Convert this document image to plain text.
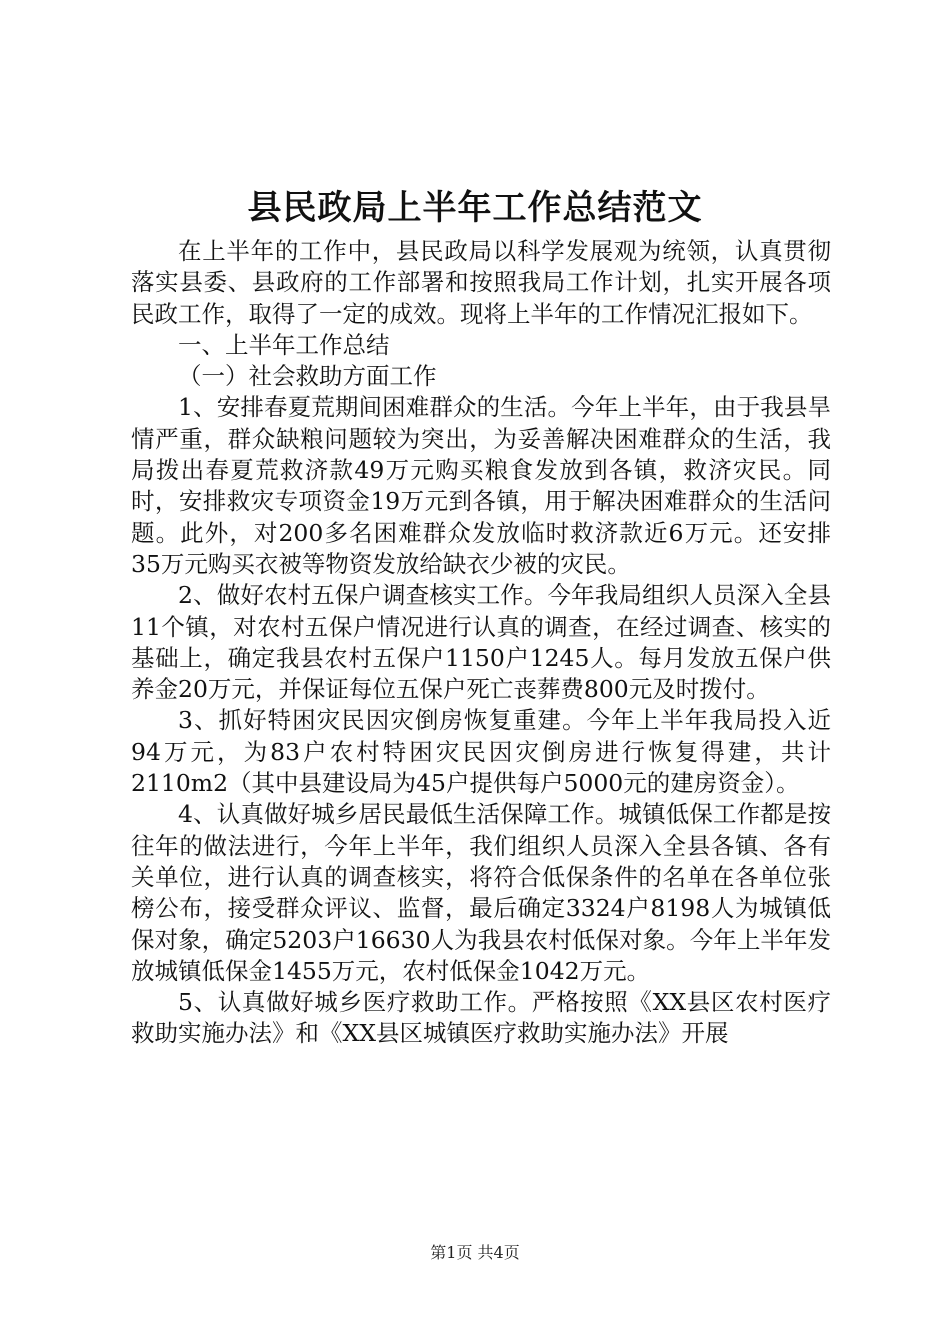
县民政局上半年工作总结范文

在上半年的工作中，县民政局以科学发展观为统领，认真贯彻落实县委、县政府的工作部署和按照我局工作计划，扎实开展各项民政工作，取得了一定的成效。现将上半年的工作情况汇报如下。

一、上半年工作总结

（一）社会救助方面工作

1、安排春夏荒期间困难群众的生活。今年上半年，由于我县旱情严重，群众缺粮问题较为突出，为妥善解决困难群众的生活，我局拨出春夏荒救济款49万元购买粮食发放到各镇，救济灾民。同时，安排救灾专项资金19万元到各镇，用于解决困难群众的生活问题。此外，对200多名困难群众发放临时救济款近6万元。还安排35万元购买衣被等物资发放给缺衣少被的灾民。

2、做好农村五保户调查核实工作。今年我局组织人员深入全县11个镇，对农村五保户情况进行认真的调查，在经过调查、核实的基础上，确定我县农村五保户1150户1245人。每月发放五保户供养金20万元，并保证每位五保户死亡丧葬费800元及时拨付。

3、抓好特困灾民因灾倒房恢复重建。今年上半年我局投入近94万元，为83户农村特困灾民因灾倒房进行恢复得建，共计2110m2（其中县建设局为45户提供每户5000元的建房资金）。

4、认真做好城乡居民最低生活保障工作。城镇低保工作都是按往年的做法进行，今年上半年，我们组织人员深入全县各镇、各有关单位，进行认真的调查核实，将符合低保条件的名单在各单位张榜公布，接受群众评议、监督，最后确定3324户8198人为城镇低保对象，确定5203户16630人为我县农村低保对象。今年上半年发放城镇低保金1455万元，农村低保金1042万元。

5、认真做好城乡医疗救助工作。严格按照《XX县区农村医疗救助实施办法》和《XX县区城镇医疗救助实施办法》开展

第1页 共4页
